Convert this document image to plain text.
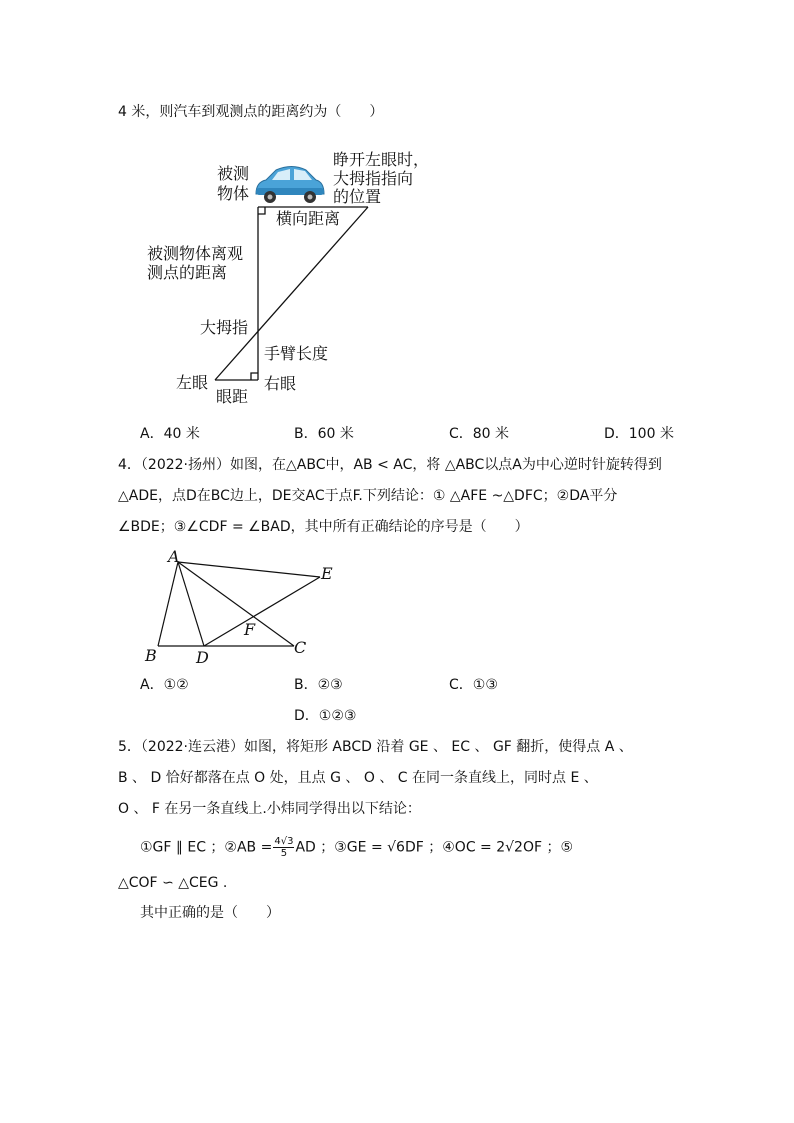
4 米，则汽车到观测点的距离约为（　　）
被测
物体
睁开左眼时，
大拇指指向
的位置
横向距离
被测物体离观
测点的距离
大拇指
手臂长度
左眼	右眼
眼距
A．40 米	B．60 米	C．80 米	D．100 米
4．（2022·扬州）如图，在△ABC中，AB < AC，将 △ABC以点A为中心逆时针旋转得到
△ADE，点D在BC边上，DE交AC于点F.下列结论：① △AFE ~△DFC；②DA平分
∠BDE；③∠CDF = ∠BAD，其中所有正确结论的序号是（　　）
A
B	C
D
E
F
A．①②	B．②③	C．①③
D．①②③
5．（2022·连云港）如图，将矩形 ABCD 沿着 GE 、 EC 、 GF 翻折，使得点 A 、
B 、 D 恰好都落在点 O 处，且点 G 、 O 、 C 在同一条直线上，同时点 E 、
O 、 F 在另一条直线上.小炜同学得出以下结论：
①GF ∥ EC ；②AB = $\frac{4√3}{5}$ AD ；③GE = √6DF ；④OC = 2√2OF ；⑤
△COF ∽ △CEG .
其中正确的是（　　）
